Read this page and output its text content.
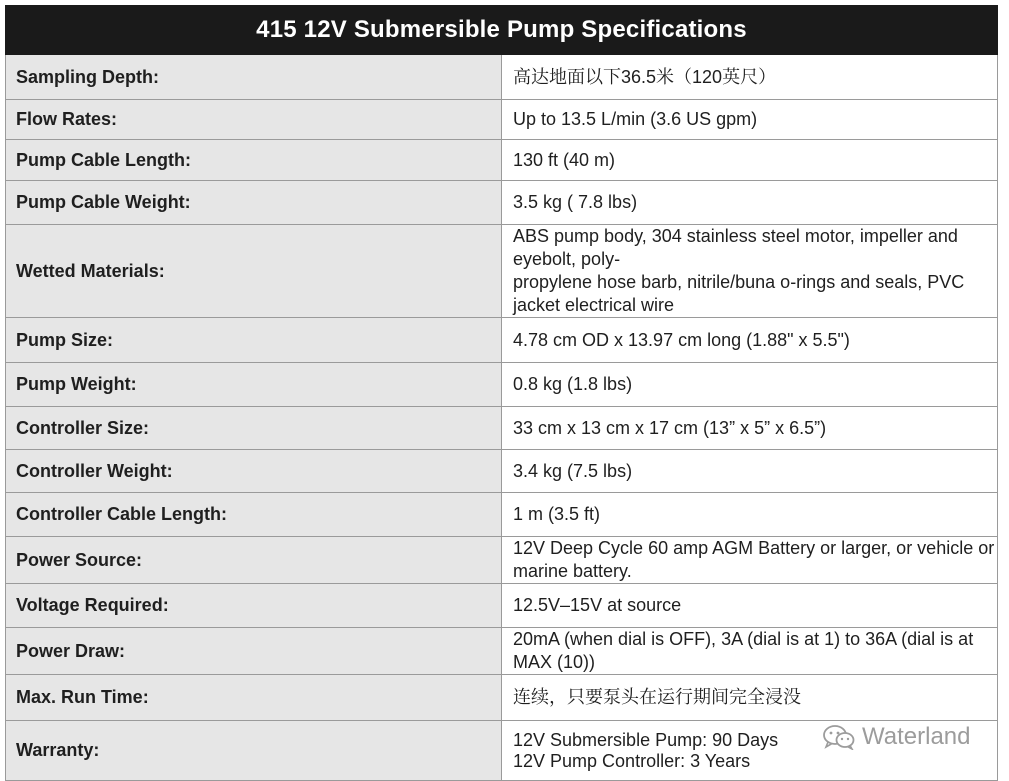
415 12V Submersible Pump Specifications	
Sampling Depth:	高达地面以下36.5米（120英尺）

Flow Rates:	Up to 13.5 L/min (3.6 US gpm)

Pump Cable Length:	130 ft (40 m)

Pump Cable Weight:	3.5 kg ( 7.8 lbs)

Wetted Materials:	ABS pump body, 304 stainless steel motor, impeller and eyebolt, poly-
propylene hose barb, nitrile/buna o-rings and seals, PVC jacket electrical wire

Pump Size:	4.78 cm OD x 13.97 cm long (1.88" x 5.5")

Pump Weight:	0.8 kg (1.8 lbs)

Controller Size:	33 cm x 13 cm x 17 cm (13” x 5” x 6.5”)

Controller Weight:	3.4 kg (7.5 lbs)

Controller Cable Length:	1 m (3.5 ft)

Power Source:	12V Deep Cycle 60 amp AGM Battery or larger, or vehicle or marine battery.

Voltage Required:	12.5V–15V at source

Power Draw:	20mA (when dial is OFF), 3A (dial is at 1) to 36A (dial is at MAX (10))

Max. Run Time:	连续，只要泵头在运行期间完全浸没

Warranty:	12V Submersible Pump: 90 Days
12V Pump Controller: 3 Years
Waterland
